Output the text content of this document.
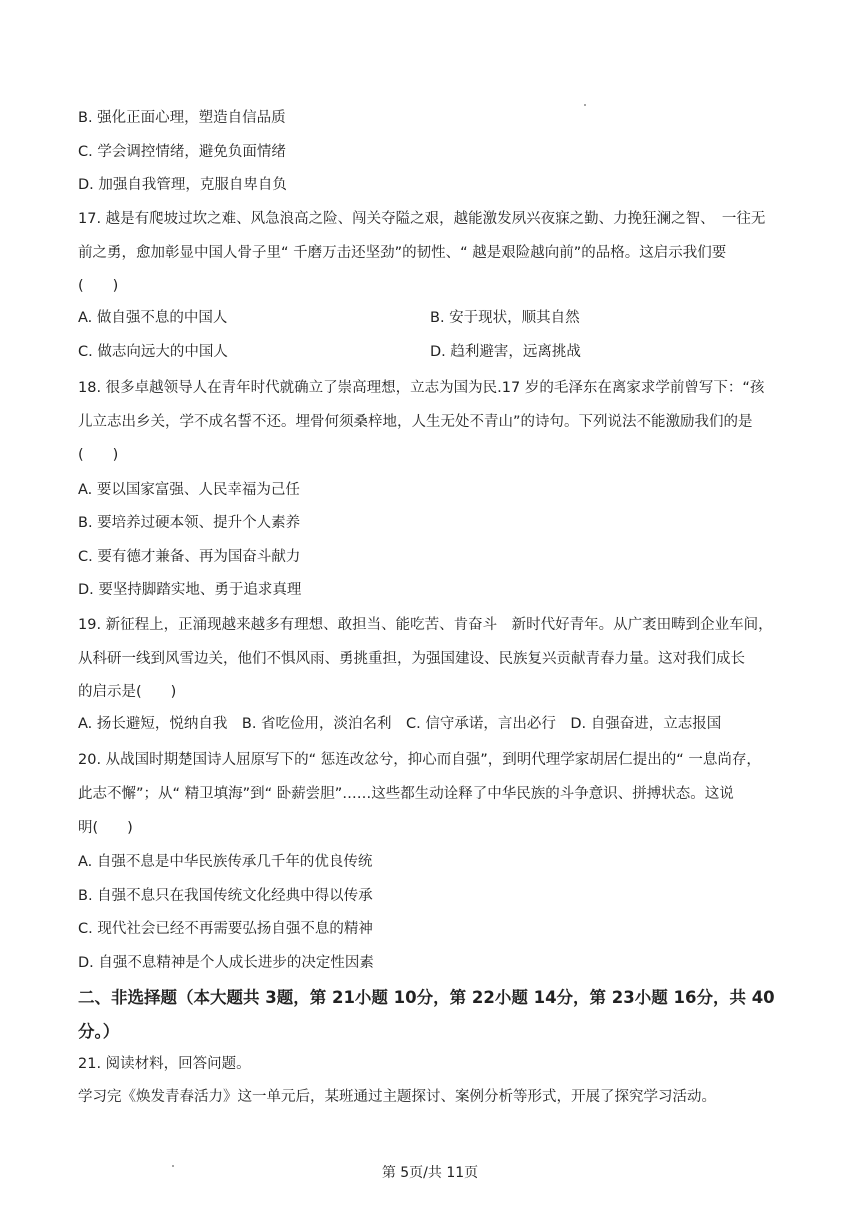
B. 强化正面心理，塑造自信品质
C. 学会调控情绪，避免负面情绪
D. 加强自我管理，克服自卑自负
17. 越是有爬坡过坎之难、风急浪高之险、闯关夺隘之艰，越能激发夙兴夜寐之勤、力挽狂澜之智、　一往无
前之勇，愈加彰显中国人骨子里“ 千磨万击还坚劲”的韧性、“ 越是艰险越向前”的品格。这启示我们要
(　　)
A. 做自强不息的中国人	B. 安于现状，顺其自然
C. 做志向远大的中国人	D. 趋利避害，远离挑战
18. 很多卓越领导人在青年时代就确立了崇高理想，立志为国为民.17 岁的毛泽东在离家求学前曾写下：“孩
儿立志出乡关，学不成名誓不还。埋骨何须桑梓地，人生无处不青山”的诗句。下列说法不能激励我们的是
(　　)
A. 要以国家富强、人民幸福为己任
B. 要培养过硬本领、提升个人素养
C. 要有德才兼备、再为国奋斗献力
D. 要坚持脚踏实地、勇于追求真理
19. 新征程上，正涌现越来越多有理想、敢担当、能吃苦、肯奋斗　新时代好青年。从广袤田畴到企业车间，
从科研一线到风雪边关，他们不惧风雨、勇挑重担，为强国建设、民族复兴贡献青春力量。这对我们成长
的启示是(　　)
A. 扬长避短，悦纳自我　B. 省吃俭用，淡泊名利　C. 信守承诺，言出必行　D. 自强奋进，立志报国
20. 从战国时期楚国诗人屈原写下的“ 惩连改忿兮，抑心而自强”，到明代理学家胡居仁提出的“ 一息尚存，
此志不懈”；从“ 精卫填海”到“ 卧薪尝胆”……这些都生动诠释了中华民族的斗争意识、拼搏状态。这说
明(　　)
A. 自强不息是中华民族传承几千年的优良传统
B. 自强不息只在我国传统文化经典中得以传承
C. 现代社会已经不再需要弘扬自强不息的精神
D. 自强不息精神是个人成长进步的决定性因素
二、非选择题（本大题共 3题，第 21小题 10分，第 22小题 14分，第 23小题 16分，共 40
分。）
21. 阅读材料，回答问题。
学习完《焕发青春活力》这一单元后，某班通过主题探讨、案例分析等形式，开展了探究学习活动。
第 5页/共 11页
